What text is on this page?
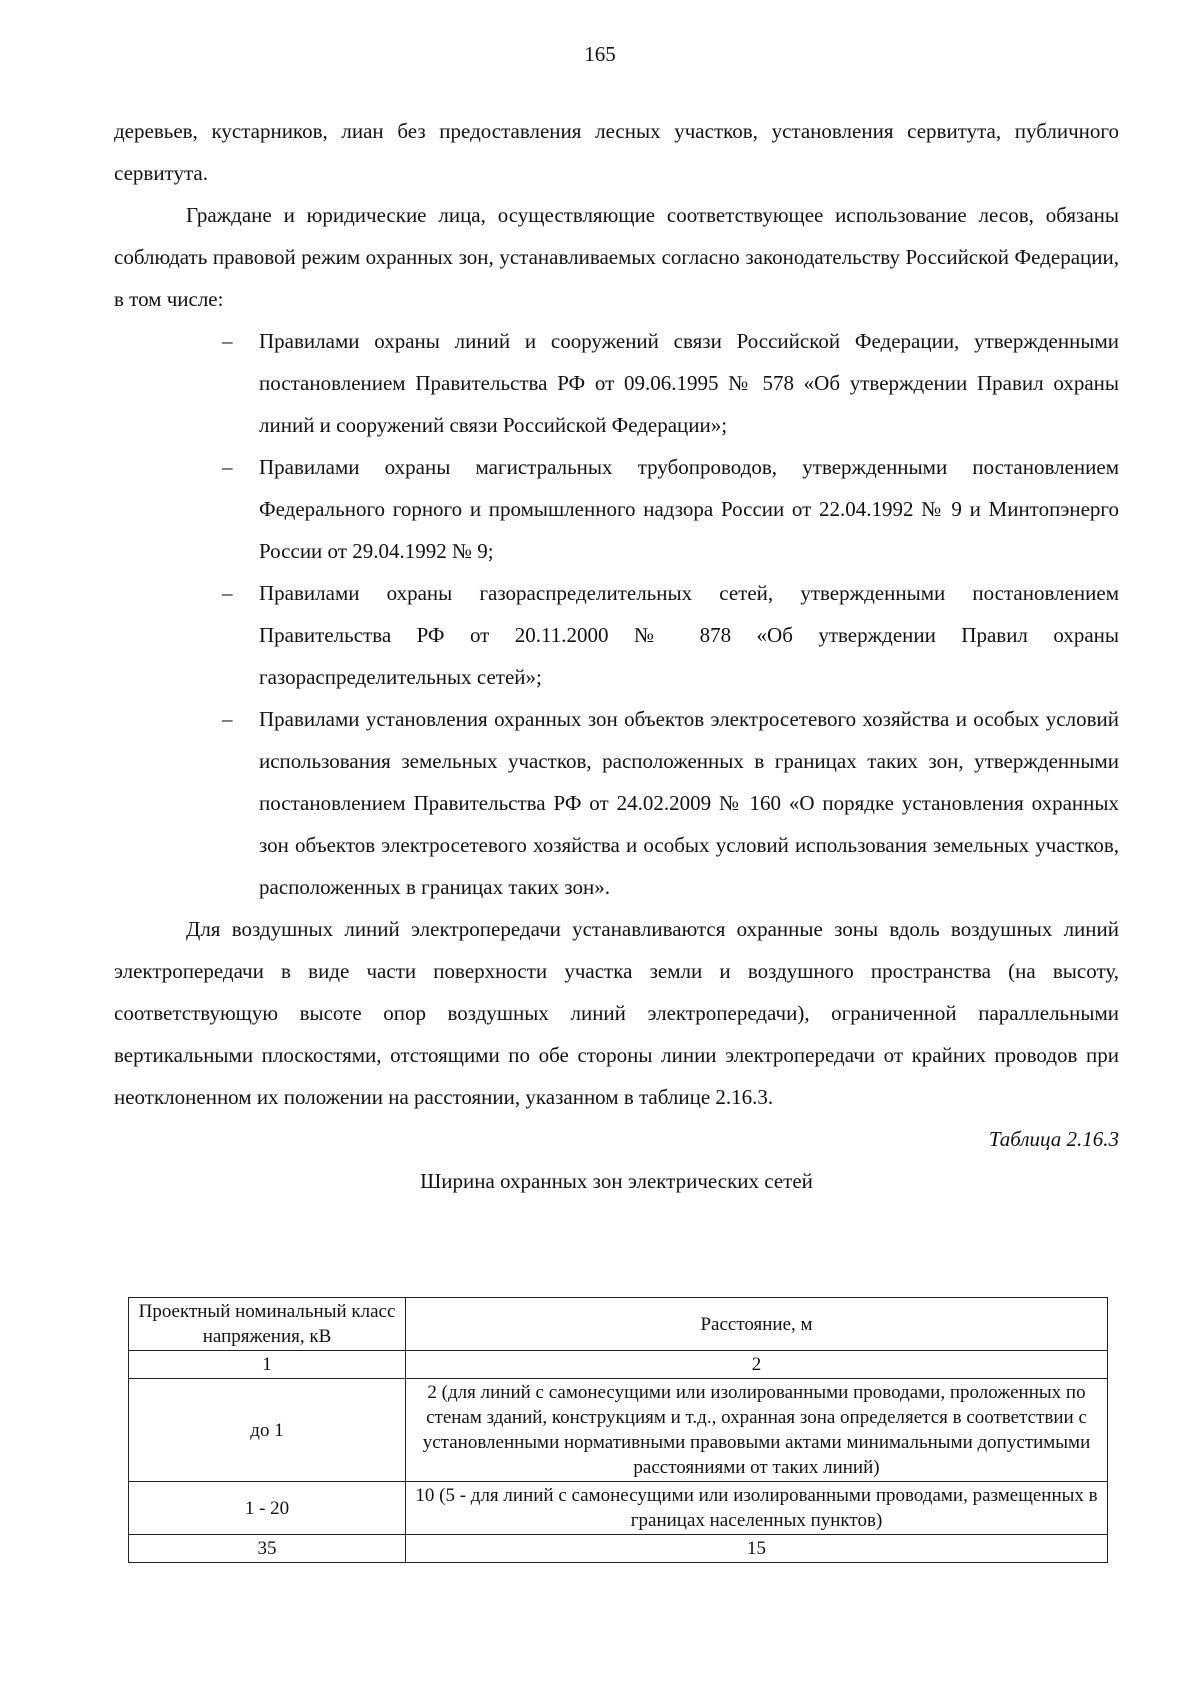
165

деревьев, кустарников, лиан без предоставления лесных участков, установления сервитута, публичного сервитута.

Граждане и юридические лица, осуществляющие соответствующее использование лесов, обязаны соблюдать правовой режим охранных зон, устанавливаемых согласно законодательству Российской Федерации, в том числе:

– Правилами охраны линий и сооружений связи Российской Федерации, утвержденными постановлением Правительства РФ от 09.06.1995 № 578 «Об утверждении Правил охраны линий и сооружений связи Российской Федерации»;
– Правилами охраны магистральных трубопроводов, утвержденными постановлением Федерального горного и промышленного надзора России от 22.04.1992 № 9 и Минтопэнерго России от 29.04.1992 № 9;
– Правилами охраны газораспределительных сетей, утвержденными постановлением Правительства РФ от 20.11.2000 № 878 «Об утверждении Правил охраны газораспределительных сетей»;
– Правилами установления охранных зон объектов электросетевого хозяйства и особых условий использования земельных участков, расположенных в границах таких зон, утвержденными постановлением Правительства РФ от 24.02.2009 № 160 «О порядке установления охранных зон объектов электросетевого хозяйства и особых условий использования земельных участков, расположенных в границах таких зон».

Для воздушных линий электропередачи устанавливаются охранные зоны вдоль воздушных линий электропередачи в виде части поверхности участка земли и воздушного пространства (на высоту, соответствующую высоте опор воздушных линий электропередачи), ограниченной параллельными вертикальными плоскостями, отстоящими по обе стороны линии электропередачи от крайних проводов при неотклоненном их положении на расстоянии, указанном в таблице 2.16.3.

Таблица 2.16.3

Ширина охранных зон электрических сетей

Проектный номинальный класс напряжения, кВ	Расстояние, м
1	2
до 1	2 (для линий с самонесущими или изолированными проводами, проложенных по стенам зданий, конструкциям и т.д., охранная зона определяется в соответствии с установленными нормативными правовыми актами минимальными допустимыми расстояниями от таких линий)
1 - 20	10 (5 - для линий с самонесущими или изолированными проводами, размещенных в границах населенных пунктов)
35	15
